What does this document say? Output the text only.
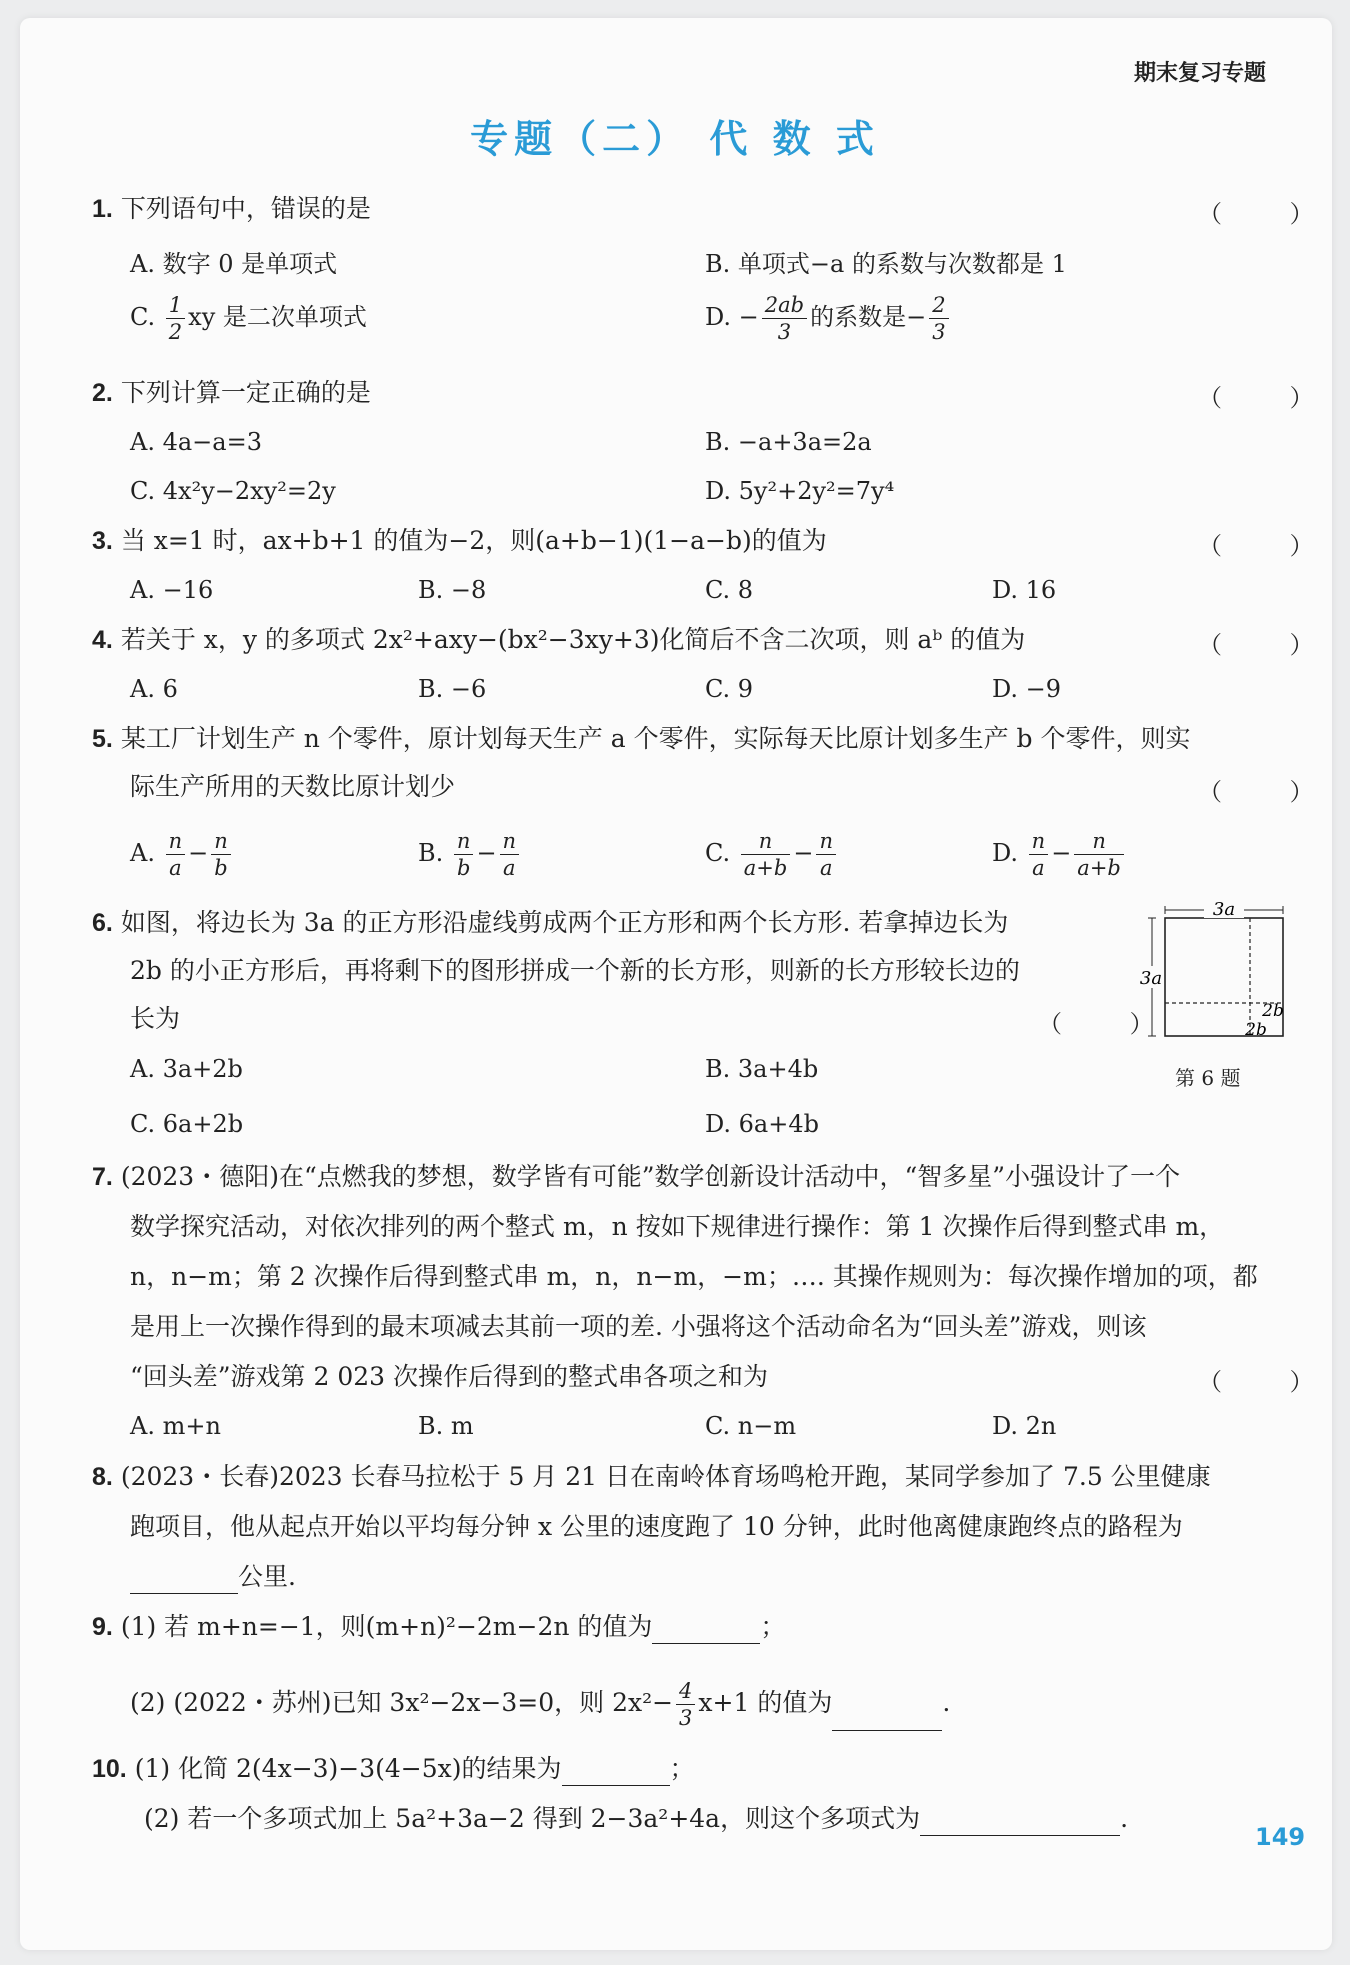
期末复习专题
专题（二） 代 数 式
1. 下列语句中，错误的是	（ ）
A. 数字 0 是单项式	B. 单项式−a 的系数与次数都是 1
C. $\frac{1}{2}$ xy 是二次单项式	D. − $\frac{2ab}{3}$ 的系数是− $\frac{2}{3}$
2. 下列计算一定正确的是	（ ）
A. 4a−a=3	B. −a+3a=2a
C. 4x²y−2xy²=2y	D. 5y²+2y²=7y⁴
3. 当 x=1 时，ax+b+1 的值为−2，则(a+b−1)(1−a−b)的值为	（ ）
A. −16	B. −8	C. 8	D. 16
4. 若关于 x，y 的多项式 2x²+axy−(bx²−3xy+3)化简后不含二次项，则 aᵇ 的值为	（ ）
A. 6	B. −6	C. 9	D. −9
5. 某工厂计划生产 n 个零件，原计划每天生产 a 个零件，实际每天比原计划多生产 b 个零件，则实
际生产所用的天数比原计划少	（ ）
A. $\frac{n}{a} - \frac{n}{b}$	B. $\frac{n}{b} - \frac{n}{a}$	C. $\frac{n}{a+b} - \frac{n}{a}$	D. $\frac{n}{a} - \frac{n}{a+b}$
6. 如图，将边长为 3a 的正方形沿虚线剪成两个正方形和两个长方形. 若拿掉边长为
2b 的小正方形后，再将剩下的图形拼成一个新的长方形，则新的长方形较长边的
长为	（ ）
A. 3a+2b	B. 3a+4b
C. 6a+2b	D. 6a+4b
3a
3a
2b
2b
第 6 题
7. (2023・德阳)在“点燃我的梦想，数学皆有可能”数学创新设计活动中，“智多星”小强设计了一个
数学探究活动，对依次排列的两个整式 m，n 按如下规律进行操作：第 1 次操作后得到整式串 m，
n，n−m；第 2 次操作后得到整式串 m，n，n−m，−m；…. 其操作规则为：每次操作增加的项，都
是用上一次操作得到的最末项减去其前一项的差. 小强将这个活动命名为“回头差”游戏，则该
“回头差”游戏第 2 023 次操作后得到的整式串各项之和为	（ ）
A. m+n	B. m	C. n−m	D. 2n
8. (2023・长春)2023 长春马拉松于 5 月 21 日在南岭体育场鸣枪开跑，某同学参加了 7.5 公里健康
跑项目，他从起点开始以平均每分钟 x 公里的速度跑了 10 分钟，此时他离健康跑终点的路程为
公里.
9. (1) 若 m+n=−1，则(m+n)²−2m−2n 的值为	；
(2) (2022・苏州)已知 3x²−2x−3=0，则 $2x^2- \frac{4}{3} x+1$ 的值为	.
10. (1) 化简 2(4x−3)−3(4−5x)的结果为	；
(2) 若一个多项式加上 5a²+3a−2 得到 2−3a²+4a，则这个多项式为	.
149
